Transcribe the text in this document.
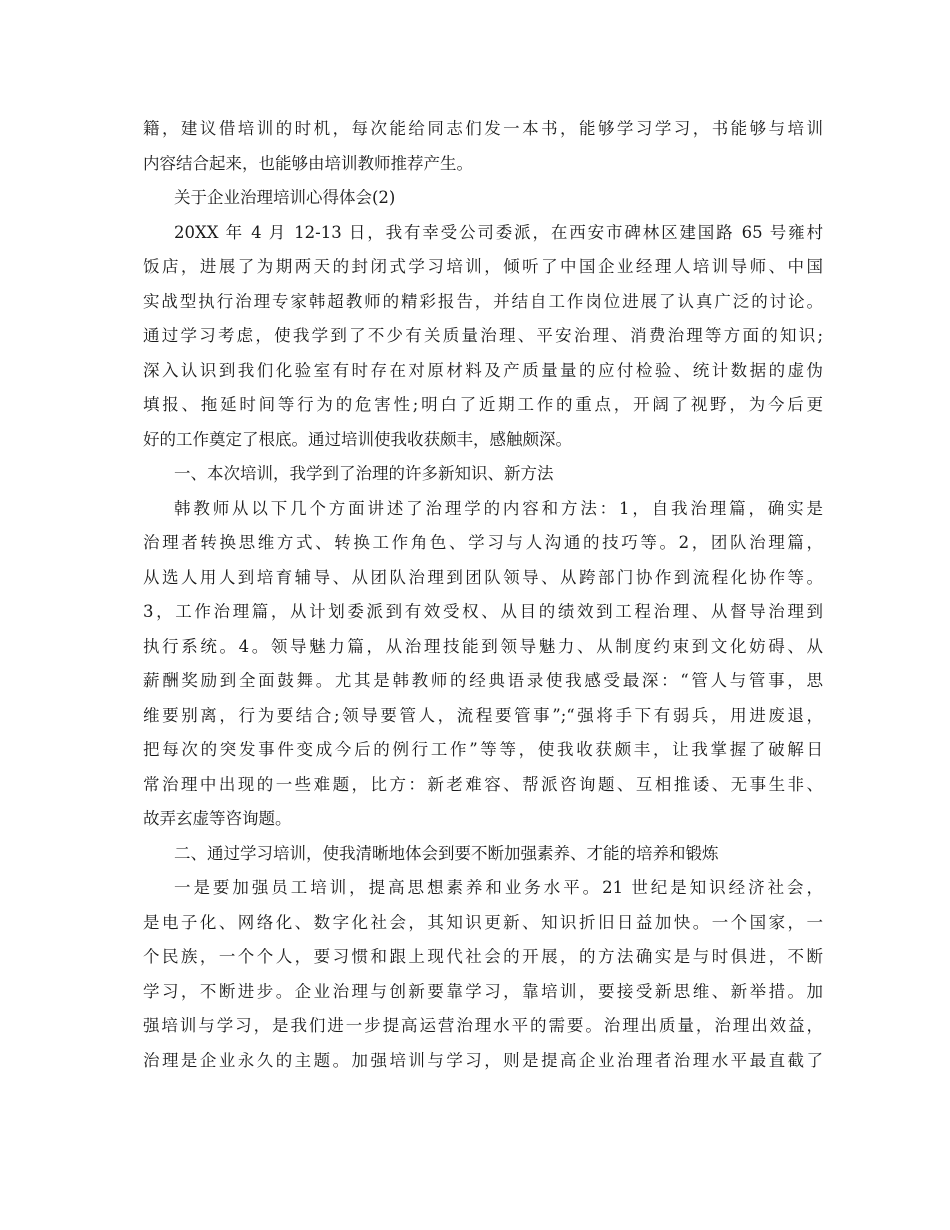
籍，建议借培训的时机，每次能给同志们发一本书，能够学习学习，书能够与培训
内容结合起来，也能够由培训教师推荐产生。
关于企业治理培训心得体会(2)
20XX 年 4 月 12-13 日，我有幸受公司委派，在西安市碑林区建国路 65 号雍村
饭店，进展了为期两天的封闭式学习培训，倾听了中国企业经理人培训导师、中国
实战型执行治理专家韩超教师的精彩报告，并结自工作岗位进展了认真广泛的讨论。
通过学习考虑，使我学到了不少有关质量治理、平安治理、消费治理等方面的知识;
深入认识到我们化验室有时存在对原材料及产质量量的应付检验、统计数据的虚伪
填报、拖延时间等行为的危害性;明白了近期工作的重点，开阔了视野，为今后更
好的工作奠定了根底。通过培训使我收获颇丰，感触颇深。
一、本次培训，我学到了治理的许多新知识、新方法
韩教师从以下几个方面讲述了治理学的内容和方法：1，自我治理篇，确实是
治理者转换思维方式、转换工作角色、学习与人沟通的技巧等。2，团队治理篇，
从选人用人到培育辅导、从团队治理到团队领导、从跨部门协作到流程化协作等。
3，工作治理篇，从计划委派到有效受权、从目的绩效到工程治理、从督导治理到
执行系统。4。领导魅力篇，从治理技能到领导魅力、从制度约束到文化妨碍、从
薪酬奖励到全面鼓舞。尤其是韩教师的经典语录使我感受最深：“管人与管事，思
维要别离，行为要结合;领导要管人，流程要管事”;“强将手下有弱兵，用进废退，
把每次的突发事件变成今后的例行工作”等等，使我收获颇丰，让我掌握了破解日
常治理中出现的一些难题，比方：新老难容、帮派咨询题、互相推诿、无事生非、
故弄玄虚等咨询题。
二、通过学习培训，使我清晰地体会到要不断加强素养、才能的培养和锻炼
一是要加强员工培训，提高思想素养和业务水平。21 世纪是知识经济社会，
是电子化、网络化、数字化社会，其知识更新、知识折旧日益加快。一个国家，一
个民族，一个个人，要习惯和跟上现代社会的开展，的方法确实是与时俱进，不断
学习，不断进步。企业治理与创新要靠学习，靠培训，要接受新思维、新举措。加
强培训与学习，是我们进一步提高运营治理水平的需要。治理出质量，治理出效益，
治理是企业永久的主题。加强培训与学习，则是提高企业治理者治理水平最直截了
